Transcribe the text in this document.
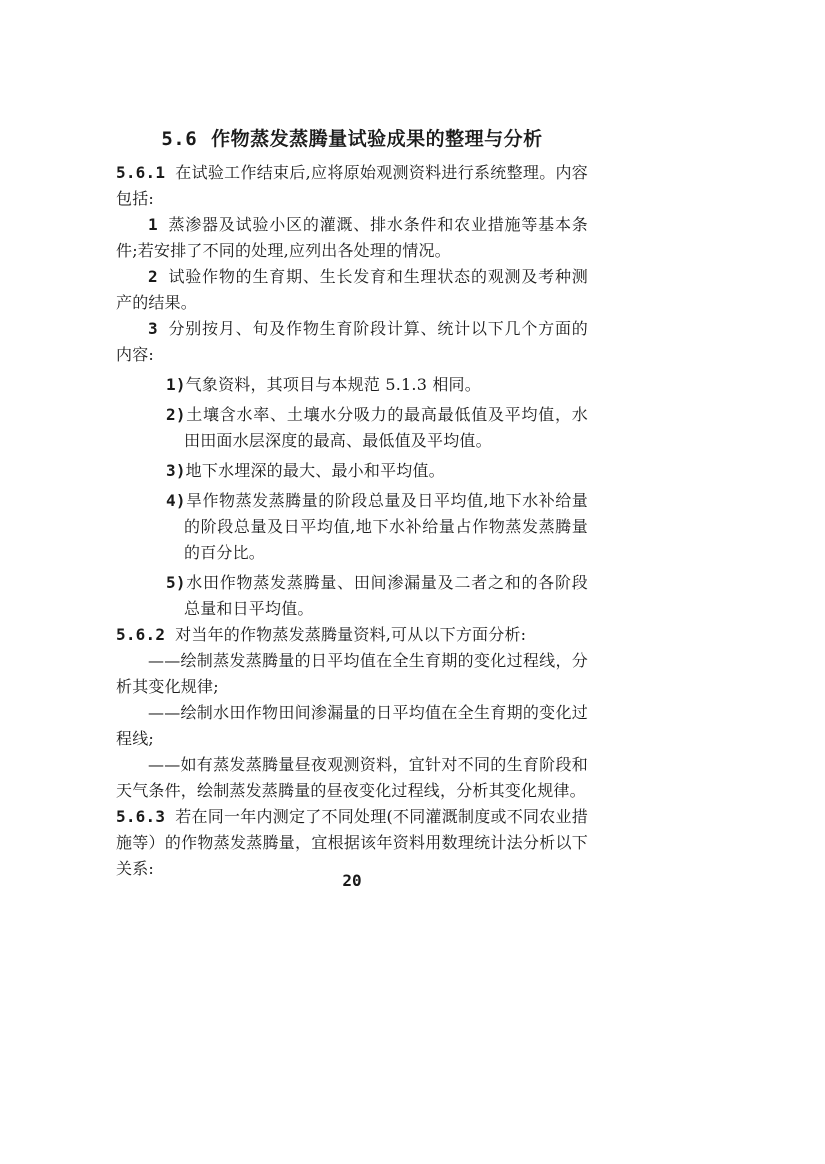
5.6 作物蒸发蒸腾量试验成果的整理与分析

5.6.1 在试验工作结束后,应将原始观测资料进行系统整理。内容包括:

1 蒸渗器及试验小区的灌溉、排水条件和农业措施等基本条件;若安排了不同的处理,应列出各处理的情况。

2 试验作物的生育期、生长发育和生理状态的观测及考种测产的结果。

3 分别按月、旬及作物生育阶段计算、统计以下几个方面的内容:

1)气象资料，其项目与本规范 5.1.3 相同。

2)土壤含水率、土壤水分吸力的最高最低值及平均值，水田田面水层深度的最高、最低值及平均值。

3)地下水埋深的最大、最小和平均值。

4)旱作物蒸发蒸腾量的阶段总量及日平均值,地下水补给量的阶段总量及日平均值,地下水补给量占作物蒸发蒸腾量的百分比。

5)水田作物蒸发蒸腾量、田间渗漏量及二者之和的各阶段总量和日平均值。

5.6.2 对当年的作物蒸发蒸腾量资料,可从以下方面分析:

——绘制蒸发蒸腾量的日平均值在全生育期的变化过程线，分析其变化规律;

——绘制水田作物田间渗漏量的日平均值在全生育期的变化过程线;

——如有蒸发蒸腾量昼夜观测资料，宜针对不同的生育阶段和天气条件，绘制蒸发蒸腾量的昼夜变化过程线，分析其变化规律。

5.6.3 若在同一年内测定了不同处理(不同灌溉制度或不同农业措施等）的作物蒸发蒸腾量，宜根据该年资料用数理统计法分析以下关系:

20
